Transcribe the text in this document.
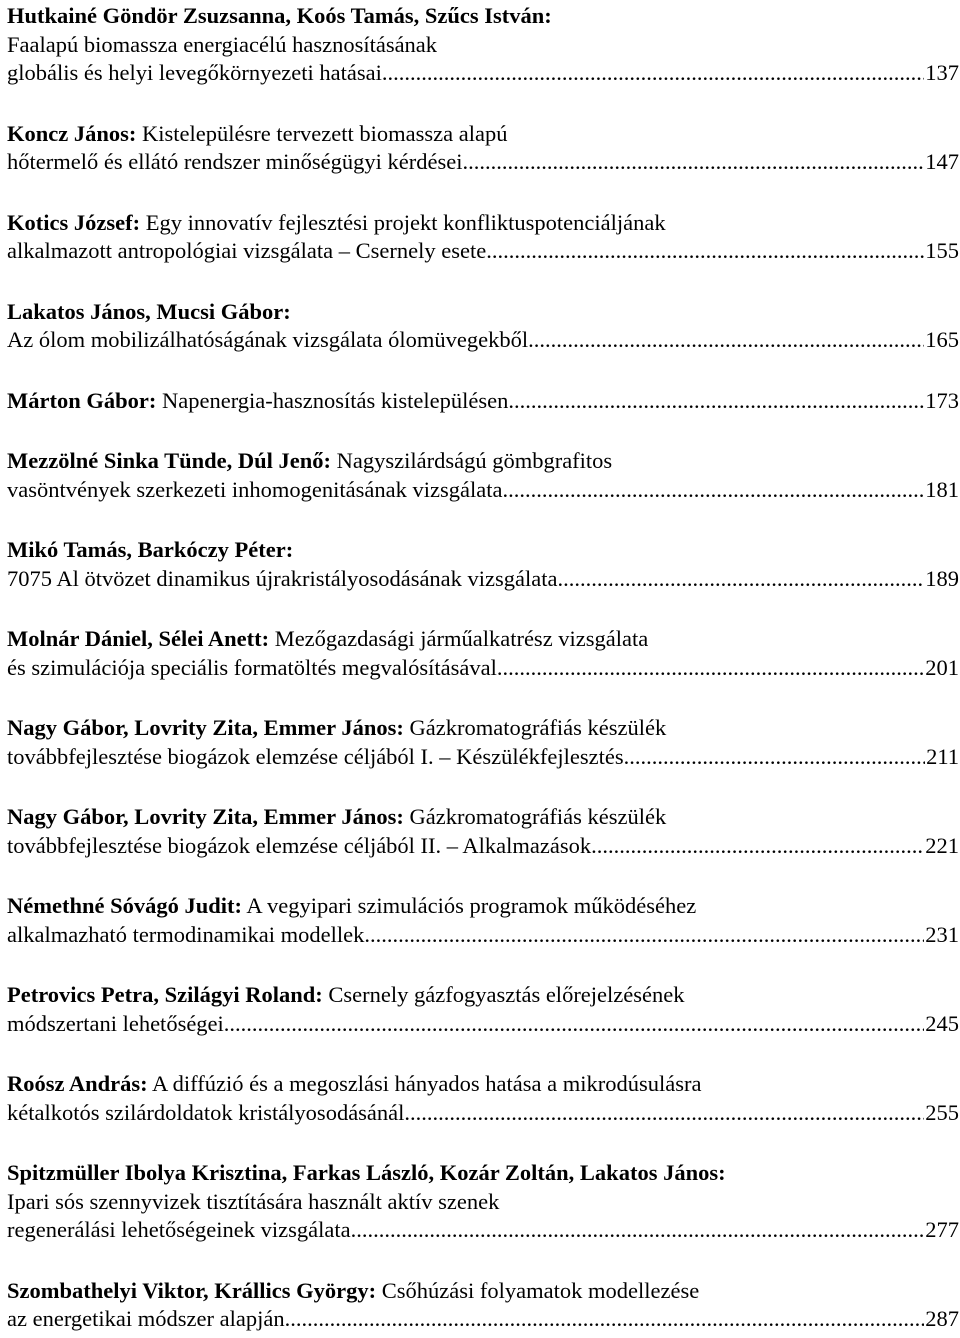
Hutkainé Göndör Zsuzsanna, Koós Tamás, Szűcs István:
Faalapú biomassza energiacélú hasznosításának
globális és helyi levegőkörnyezeti hatásai .....	137
Koncz János: Kistelepülésre tervezett biomassza alapú
hőtermelő és ellátó rendszer minőségügyi kérdései .....	147
Kotics József: Egy innovatív fejlesztési projekt konfliktuspotenciáljának
alkalmazott antropológiai vizsgálata – Csernely esete .....	155
Lakatos János, Mucsi Gábor:
Az ólom mobilizálhatóságának vizsgálata ólomüvegekből .....	165
Márton Gábor: Napenergia-hasznosítás kistelepülésen .....	173
Mezzölné Sinka Tünde, Dúl Jenő: Nagyszilárdságú gömbgrafitos
vasöntvények szerkezeti inhomogenitásának vizsgálata .....	181
Mikó Tamás, Barkóczy Péter:
7075 Al ötvözet dinamikus újrakristályosodásának vizsgálata .....	189
Molnár Dániel, Sélei Anett: Mezőgazdasági járműalkatrész vizsgálata
és szimulációja speciális formatöltés megvalósításával .....	201
Nagy Gábor, Lovrity Zita, Emmer János: Gázkromatográfiás készülék
továbbfejlesztése biogázok elemzése céljából I. – Készülékfejlesztés .....	211
Nagy Gábor, Lovrity Zita, Emmer János: Gázkromatográfiás készülék
továbbfejlesztése biogázok elemzése céljából II. – Alkalmazások .....	221
Némethné Sóvágó Judit: A vegyipari szimulációs programok működéséhez
alkalmazható termodinamikai modellek .....	231
Petrovics Petra, Szilágyi Roland: Csernely gázfogyasztás előrejelzésének
módszertani lehetőségei .....	245
Roósz András: A diffúzió és a megoszlási hányados hatása a mikrodúsulásra
kétalkotós szilárdoldatok kristályosodásánál .....	255
Spitzmüller Ibolya Krisztina, Farkas László, Kozár Zoltán, Lakatos János:
Ipari sós szennyvizek tisztítására használt aktív szenek
regenerálási lehetőségeinek vizsgálata .....	277
Szombathelyi Viktor, Krállics György: Csőhúzási folyamatok modellezése
az energetikai módszer alapján .....	287
